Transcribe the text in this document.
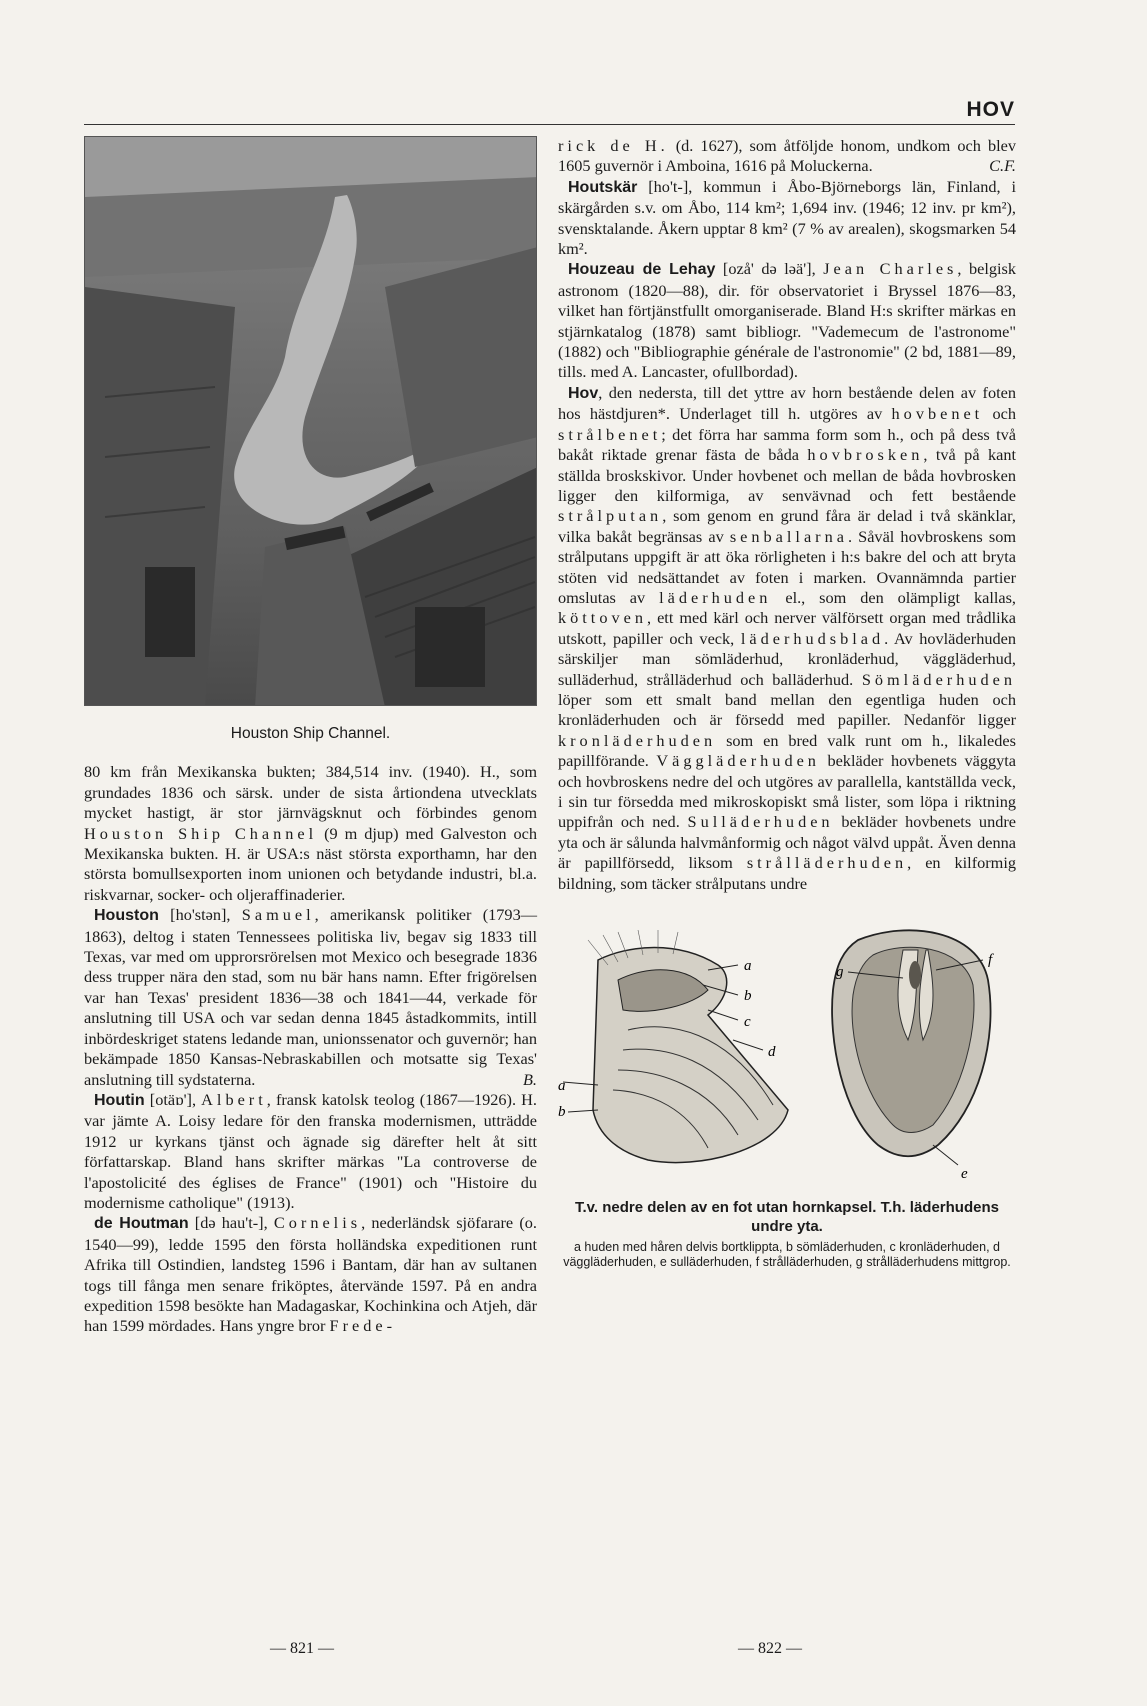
HOV
Houston Ship Channel.

80 km från Mexikanska bukten; 384,514 inv. (1940). H., som grundades 1836 och särsk. under de sista årtiondena utvecklats mycket hastigt, är stor järnvägsknut och förbindes genom Houston Ship Channel (9 m djup) med Galveston och Mexikanska bukten. H. är USA:s näst största exporthamn, har den största bomullsexporten inom unionen och betydande industri, bl.a. riskvarnar, socker- och oljeraffinaderier.

Houston [ho'stən], Samuel, amerikansk politiker (1793—1863), deltog i staten Tennessees politiska liv, begav sig 1833 till Texas, var med om upprorsrörelsen mot Mexico och besegrade 1836 dess trupper nära den stad, som nu bär hans namn. Efter frigörelsen var han Texas' president 1836—38 och 1841—44, verkade för anslutning till USA och var sedan denna 1845 åstadkommits, intill inbördeskriget statens ledande man, unionssenator och guvernör; han bekämpade 1850 Kansas-Nebraskabillen och motsatte sig Texas' anslutning till sydstaterna.	B.

Houtin [otäɒ'], Albert, fransk katolsk teolog (1867—1926). H. var jämte A. Loisy ledare för den franska modernismen, utträdde 1912 ur kyrkans tjänst och ägnade sig därefter helt åt sitt författarskap. Bland hans skrifter märkas "La controverse de l'apostolicité des églises de France" (1901) och "Histoire du modernisme catholique" (1913).

de Houtman [də hau't-], Cornelis, nederländsk sjöfarare (o. 1540—99), ledde 1595 den första holländska expeditionen runt Afrika till Ostindien, landsteg 1596 i Bantam, där han av sultanen togs till fånga men senare friköptes, återvände 1597. På en andra expedition 1598 besökte han Madagaskar, Kochinkina och Atjeh, där han 1599 mördades. Hans yngre bror Frede-

rick de H. (d. 1627), som åtföljde honom, undkom och blev 1605 guvernör i Amboina, 1616 på Moluckerna.	C.F.

Houtskär [ho't-], kommun i Åbo-Björneborgs län, Finland, i skärgården s.v. om Åbo, 114 km²; 1,694 inv. (1946; 12 inv. pr km²), svensktalande. Åkern upptar 8 km² (7 % av arealen), skogsmarken 54 km².

Houzeau de Lehay [ozå' də ləä'], Jean Charles, belgisk astronom (1820—88), dir. för observatoriet i Bryssel 1876—83, vilket han förtjänstfullt omorganiserade. Bland H:s skrifter märkas en stjärnkatalog (1878) samt bibliogr. "Vademecum de l'astronome" (1882) och "Bibliographie générale de l'astronomie" (2 bd, 1881—89, tills. med A. Lancaster, ofullbordad).

Hov, den nedersta, till det yttre av horn bestående delen av foten hos hästdjuren*. Underlaget till h. utgöres av hovbenet och strålbenet; det förra har samma form som h., och på dess två bakåt riktade grenar fästa de båda hovbrosken, två på kant ställda broskskivor. Under hovbenet och mellan de båda hovbrosken ligger den kilformiga, av senvävnad och fett bestående strålputan, som genom en grund fåra är delad i två skänklar, vilka bakåt begränsas av senballarna. Såväl hovbroskens som strålputans uppgift är att öka rörligheten i h:s bakre del och att bryta stöten vid nedsättandet av foten i marken. Ovannämnda partier omslutas av läderhuden el., som den olämpligt kallas, köttoven, ett med kärl och nerver välförsett organ med trådlika utskott, papiller och veck, läderhudsblad. Av hovläderhuden särskiljer man sömläderhud, kronläderhud, väggläderhud, sulläderhud, strålläderhud och balläderhud. Sömläderhuden löper som ett smalt band mellan den egentliga huden och kronläderhuden och är försedd med papiller. Nedanför ligger kronläderhuden som en bred valk runt om h., likaledes papillförande. Väggläderhuden bekläder hovbenets väggyta och hovbroskens nedre del och utgöres av parallella, kantställda veck, i sin tur försedda med mikroskopiskt små lister, som löpa i riktning uppifrån och ned. Sulläderhuden bekläder hovbenets undre yta och är sålunda halvmånformig och något välvd uppåt. Även denna är papillförsedd, liksom strålläderhuden, en kilformig bildning, som täcker strålputans undre

a
b
c
d
a
b
f
g
e
T.v. nedre delen av en fot utan hornkapsel. T.h. läderhudens undre yta.
a huden med håren delvis bortklippta, b sömläderhuden, c kronläderhuden, d väggläderhuden, e sulläderhuden, f strålläderhuden, g strålläderhudens mittgrop.
— 821 —	— 822 —
